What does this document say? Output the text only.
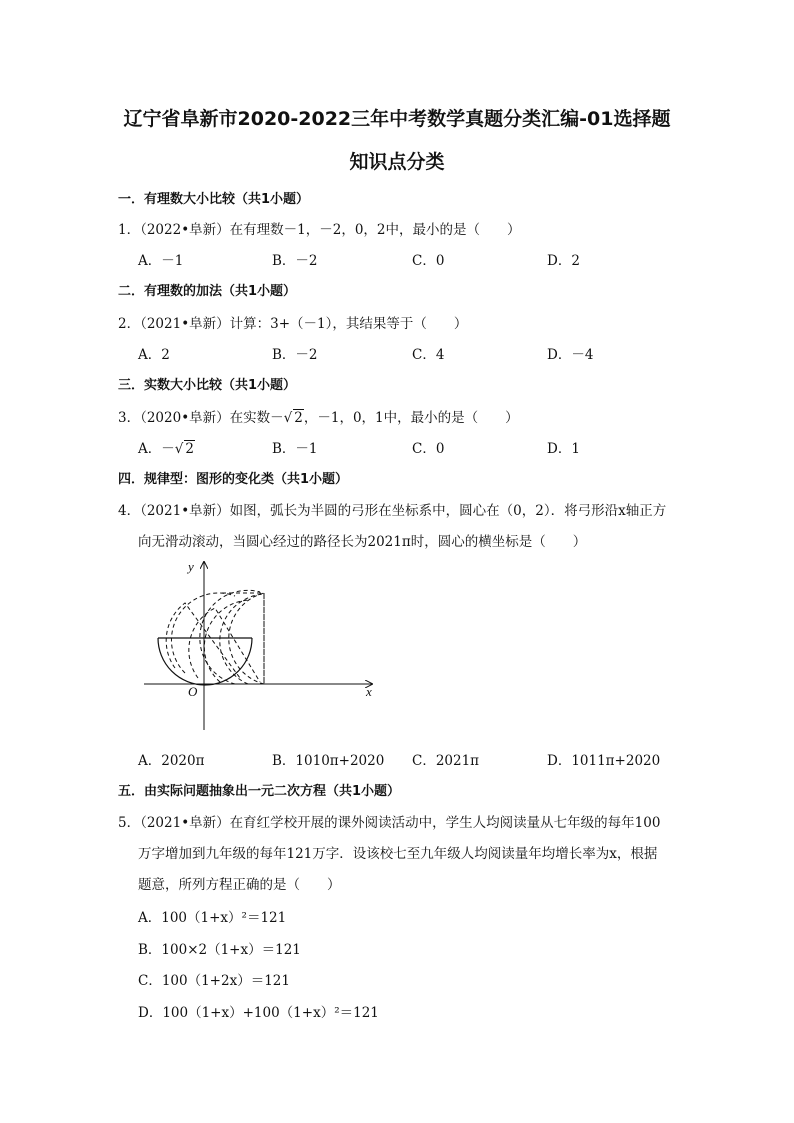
辽宁省阜新市2020-2022三年中考数学真题分类汇编-01选择题
知识点分类
一．有理数大小比较（共1小题）
1．（2022•阜新）在有理数－1，－2，0，2中，最小的是（　　）
A．－1	B．－2	C．0	D．2
二．有理数的加法（共1小题）
2．（2021•阜新）计算：3+（－1），其结果等于（　　）
A．2	B．－2	C．4	D．－4
三．实数大小比较（共1小题）
3．（2020•阜新）在实数－√ 2，－1，0，1中，最小的是（　　）
A．－√ 2	B．－1	C．0	D．1
四．规律型：图形的变化类（共1小题）
4．（2021•阜新）如图，弧长为半圆的弓形在坐标系中，圆心在（0，2）．将弓形沿x轴正方
向无滑动滚动，当圆心经过的路径长为2021π时，圆心的横坐标是（　　）
y
x
O
A．2020π	B．1010π+2020 C．2021π	D．1011π+2020
五．由实际问题抽象出一元二次方程（共1小题）
5．（2021•阜新）在育红学校开展的课外阅读活动中，学生人均阅读量从七年级的每年100
万字增加到九年级的每年121万字．设该校七至九年级人均阅读量年均增长率为x，根据
题意，所列方程正确的是（　　）
A．100（1+x）²＝121
B．100×2（1+x）＝121
C．100（1+2x）＝121
D．100（1+x）+100（1+x）²＝121
